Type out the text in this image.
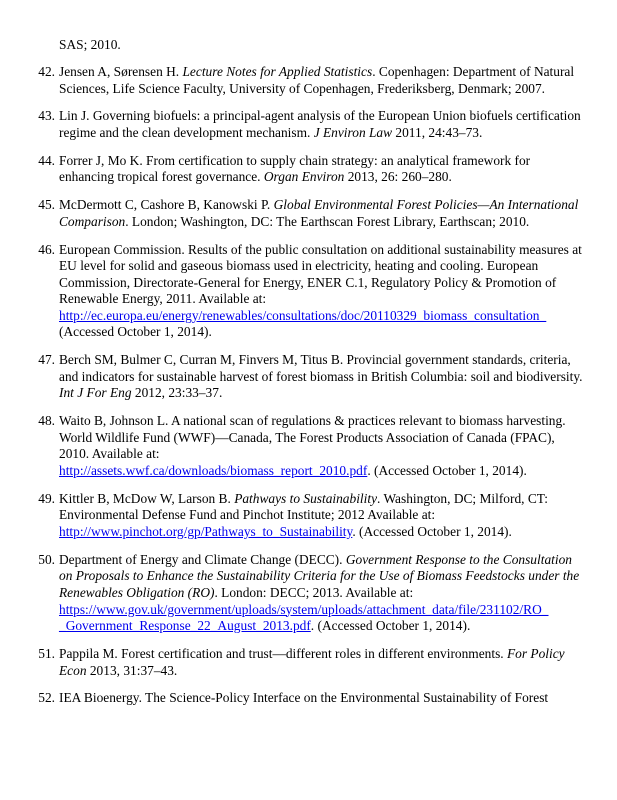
SAS; 2010.

42. Jensen A, Sørensen H. Lecture Notes for Applied Statistics. Copenhagen: Department of Natural Sciences, Life Science Faculty, University of Copenhagen, Frederiksberg, Denmark; 2007.
43. Lin J. Governing biofuels: a principal-agent analysis of the European Union biofuels certification regime and the clean development mechanism. J Environ Law 2011, 24:43–73.
44. Forrer J, Mo K. From certification to supply chain strategy: an analytical framework for enhancing tropical forest governance. Organ Environ 2013, 26: 260–280.
45. McDermott C, Cashore B, Kanowski P. Global Environmental Forest Policies—An International Comparison. London; Washington, DC: The Earthscan Forest Library, Earthscan; 2010.
46. European Commission. Results of the public consultation on additional sustainability measures at EU level for solid and gaseous biomass used in electricity, heating and cooling. European Commission, Directorate-General for Energy, ENER C.1, Regulatory Policy & Promotion of Renewable Energy, 2011. Available at:
http://ec.europa.eu/energy/renewables/consultations/doc/20110329_biomass_consultation_
(Accessed October 1, 2014).
47. Berch SM, Bulmer C, Curran M, Finvers M, Titus B. Provincial government standards, criteria, and indicators for sustainable harvest of forest biomass in British Columbia: soil and biodiversity. Int J For Eng 2012, 23:33–37.
48. Waito B, Johnson L. A national scan of regulations & practices relevant to biomass harvesting. World Wildlife Fund (WWF)—Canada, The Forest Products Association of Canada (FPAC), 2010. Available at:
http://assets.wwf.ca/downloads/biomass_report_2010.pdf. (Accessed October 1, 2014).
49. Kittler B, McDow W, Larson B. Pathways to Sustainability. Washington, DC; Milford, CT: Environmental Defense Fund and Pinchot Institute; 2012 Available at:
http://www.pinchot.org/gp/Pathways_to_Sustainability. (Accessed October 1, 2014).
50. Department of Energy and Climate Change (DECC). Government Response to the Consultation on Proposals to Enhance the Sustainability Criteria for the Use of Biomass Feedstocks under the Renewables Obligation (RO). London: DECC; 2013. Available at:
https://www.gov.uk/government/uploads/system/uploads/attachment_data/file/231102/RO_
_Government_Response_22_August_2013.pdf. (Accessed October 1, 2014).
51. Pappila M. Forest certification and trust—different roles in different environments. For Policy Econ 2013, 31:37–43.
52. IEA Bioenergy. The Science-Policy Interface on the Environmental Sustainability of Forest
